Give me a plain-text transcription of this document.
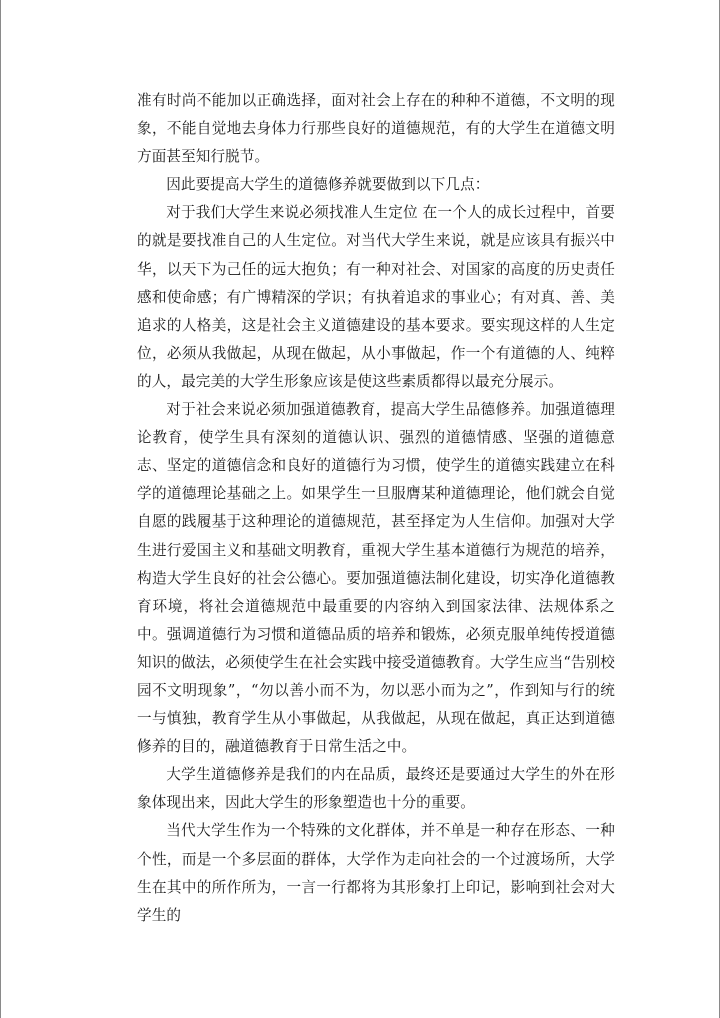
准有时尚不能加以正确选择，面对社会上存在的种种不道德，不文明的现象，不能自觉地去身体力行那些良好的道德规范，有的大学生在道德文明方面甚至知行脱节。

因此要提高大学生的道德修养就要做到以下几点：

对于我们大学生来说必须找准人生定位 在一个人的成长过程中，首要的就是要找准自己的人生定位。对当代大学生来说，就是应该具有振兴中华，以天下为己任的远大抱负；有一种对社会、对国家的高度的历史责任感和使命感；有广博精深的学识；有执着追求的事业心；有对真、善、美追求的人格美，这是社会主义道德建设的基本要求。要实现这样的人生定位，必须从我做起，从现在做起，从小事做起，作一个有道德的人、纯粹的人，最完美的大学生形象应该是使这些素质都得以最充分展示。

对于社会来说必须加强道德教育，提高大学生品德修养。加强道德理论教育，使学生具有深刻的道德认识、强烈的道德情感、坚强的道德意志、坚定的道德信念和良好的道德行为习惯，使学生的道德实践建立在科学的道德理论基础之上。如果学生一旦服膺某种道德理论，他们就会自觉自愿的践履基于这种理论的道德规范，甚至择定为人生信仰。加强对大学生进行爱国主义和基础文明教育，重视大学生基本道德行为规范的培养，构造大学生良好的社会公德心。要加强道德法制化建设，切实净化道德教育环境，将社会道德规范中最重要的内容纳入到国家法律、法规体系之中。强调道德行为习惯和道德品质的培养和锻炼，必须克服单纯传授道德知识的做法，必须使学生在社会实践中接受道德教育。大学生应当“告别校园不文明现象”，“勿以善小而不为，勿以恶小而为之”，作到知与行的统一与慎独，教育学生从小事做起，从我做起，从现在做起，真正达到道德修养的目的，融道德教育于日常生活之中。

大学生道德修养是我们的内在品质，最终还是要通过大学生的外在形象体现出来，因此大学生的形象塑造也十分的重要。

当代大学生作为一个特殊的文化群体，并不单是一种存在形态、一种个性，而是一个多层面的群体，大学作为走向社会的一个过渡场所，大学生在其中的所作所为，一言一行都将为其形象打上印记，影响到社会对大学生的
